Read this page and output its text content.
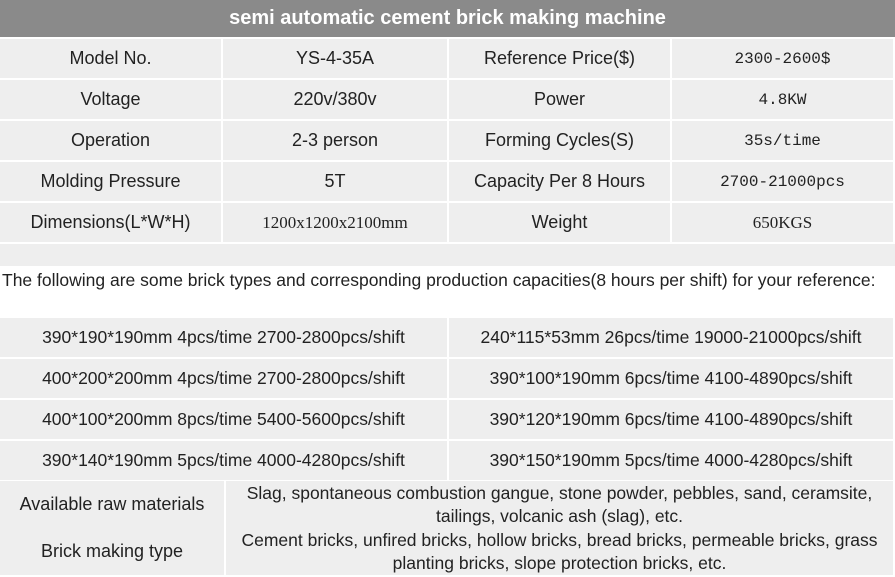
semi automatic cement brick making machine
Model No.	YS-4-35A	Reference Price($)	2300-2600$
Voltage	220v/380v	Power	4.8KW
Operation	2-3 person	Forming Cycles(S)	35s/time
Molding Pressure	5T	Capacity Per 8 Hours	2700-21000pcs
Dimensions(L*W*H)	1200x1200x2100mm	Weight	650KGS
The following are some brick types and corresponding production capacities(8 hours per shift) for your reference:
390*190*190mm 4pcs/time 2700-2800pcs/shift	240*115*53mm 26pcs/time 19000-21000pcs/shift
400*200*200mm 4pcs/time 2700-2800pcs/shift	390*100*190mm 6pcs/time 4100-4890pcs/shift
400*100*200mm 8pcs/time 5400-5600pcs/shift	390*120*190mm 6pcs/time 4100-4890pcs/shift
390*140*190mm 5pcs/time 4000-4280pcs/shift	390*150*190mm 5pcs/time 4000-4280pcs/shift
Available raw materials
Slag, spontaneous combustion gangue, stone powder, pebbles, sand, ceramsite, tailings, volcanic ash (slag), etc.
Brick making type
Cement bricks, unfired bricks, hollow bricks, bread bricks, permeable bricks, grass planting bricks, slope protection bricks, etc.
